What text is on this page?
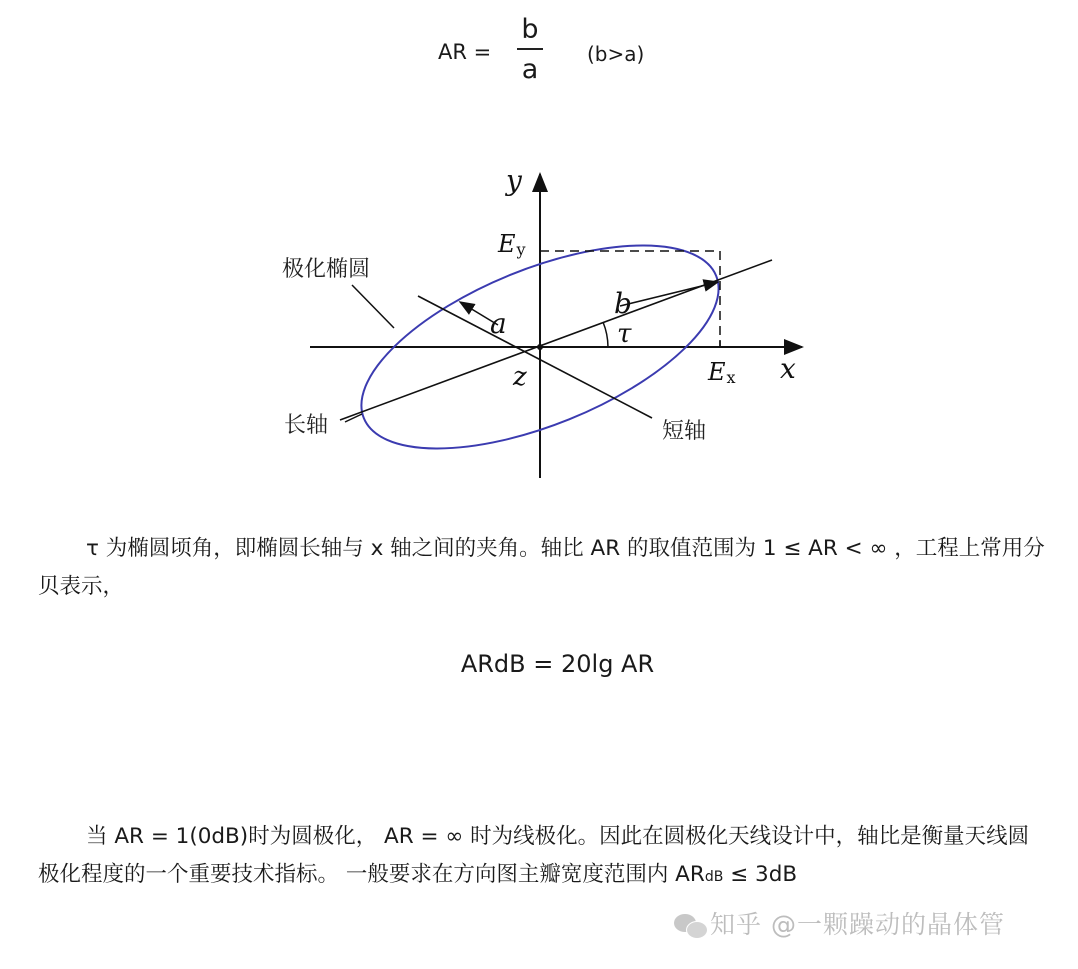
AR =
b
a (b>a)
y
x
z
Ey
Ex
a
b
τ
极化椭圆
长轴	短轴
τ 为椭圆顷角，即椭圆长轴与 x 轴之间的夹角。轴比 AR 的取值范围为 1 ≤ AR < ∞ ，工程上常用分贝表示，
ARdB = 20lg AR
当 AR = 1(0dB)时为圆极化， AR = ∞ 时为线极化。因此在圆极化天线设计中，轴比是衡量天线圆极化程度的一个重要技术指标。 一般要求在方向图主瓣宽度范围内 ARdB ≤ 3dB
知乎 @一颗躁动的晶体管
